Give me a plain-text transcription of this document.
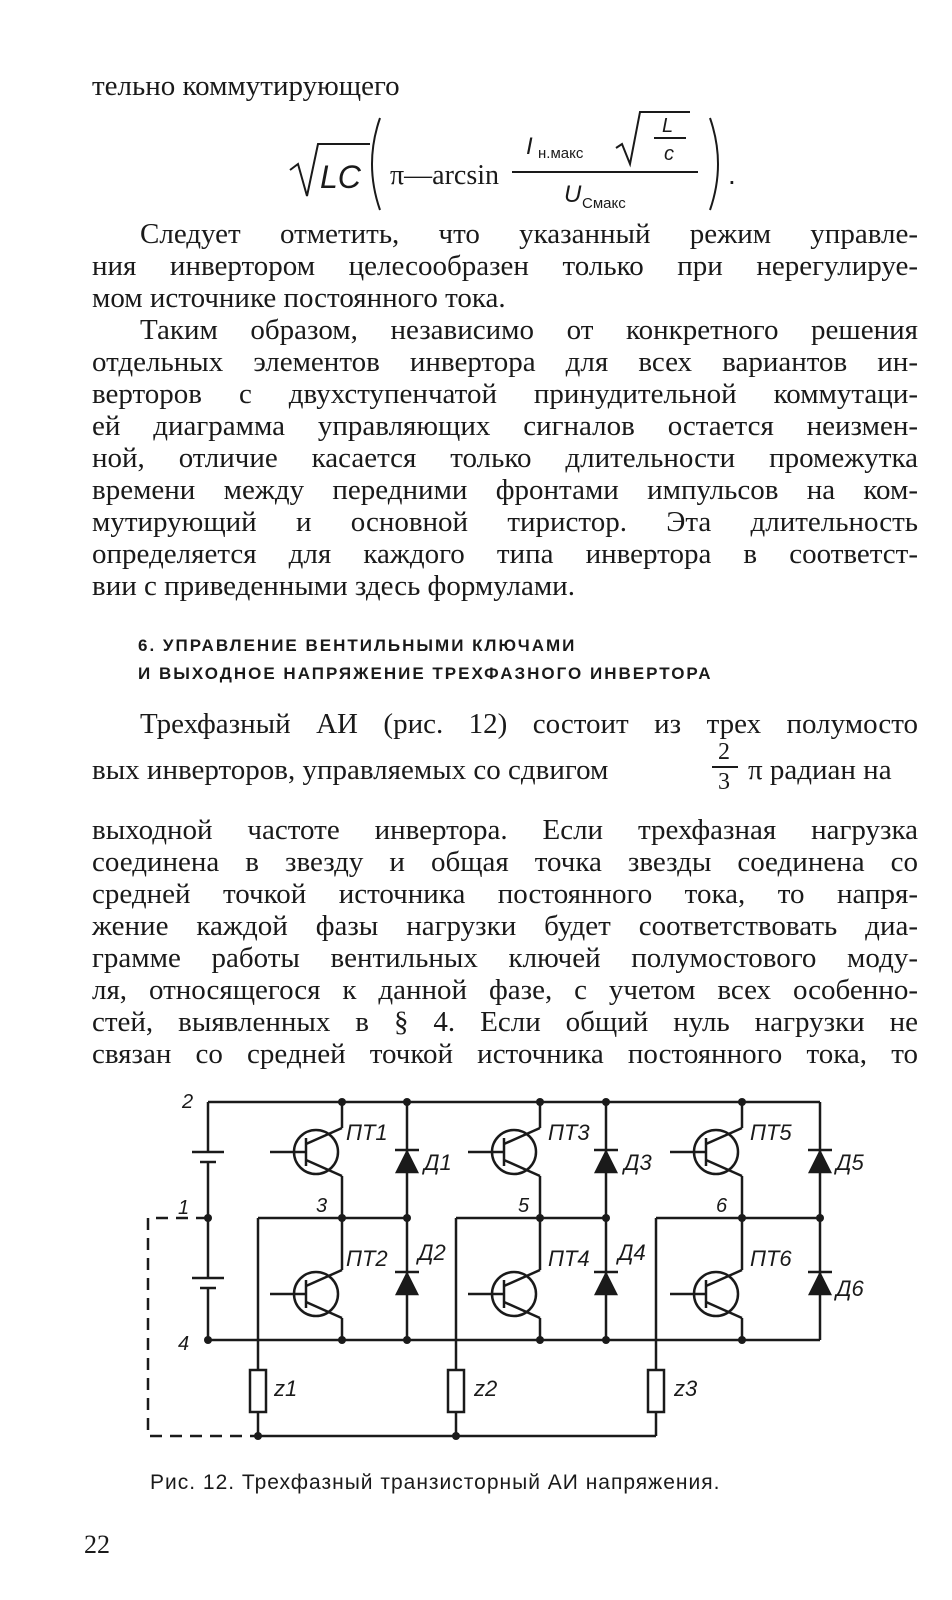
тельно коммутирующего
LC π—arcsin
I н.макс
L
c
U Cмакс
.
Следует отметить, что указанный режим управле-
ния инвертором целесообразен только при нерегулируе-
мом источнике постоянного тока.
Таким образом, независимо от конкретного решения
отдельных элементов инвертора для всех вариантов ин-
верторов с двухступенчатой принудительной коммутаци-
ей диаграмма управляющих сигналов остается неизмен-
ной, отличие касается только длительности промежутка
времени между передними фронтами импульсов на ком-
мутирующий и основной тиристор. Эта длительность
определяется для каждого типа инвертора в соответст-
вии с приведенными здесь формулами.
6. УПРАВЛЕНИЕ ВЕНТИЛЬНЫМИ КЛЮЧАМИ
И ВЫХОДНОЕ НАПРЯЖЕНИЕ ТРЕХФАЗНОГО ИНВЕРТОРА
Трехфазный АИ (рис. 12) состоит из трех полумосто
вых инверторов, управляемых со сдвигом
2
3 π радиан на
выходной частоте инвертора. Если трехфазная нагрузка
соединена в звезду и общая точка звезды соединена со
средней точкой источника постоянного тока, то напря-
жение каждой фазы нагрузки будет соответствовать диа-
грамме работы вентильных ключей полумостового моду-
ля, относящегося к данной фазе, с учетом всех особенно-
стей, выявленных в § 4. Если общий нуль нагрузки не
связан со средней точкой источника постоянного тока, то
2
1
4
3	5	6
ПТ1
ПТ2
ПТ3
ПТ4
ПТ5
ПТ6
Д1
Д2
Д3
Д4
Д5
Д6
z1	z2	z3
Рис. 12. Трехфазный транзисторный АИ напряжения.
22
